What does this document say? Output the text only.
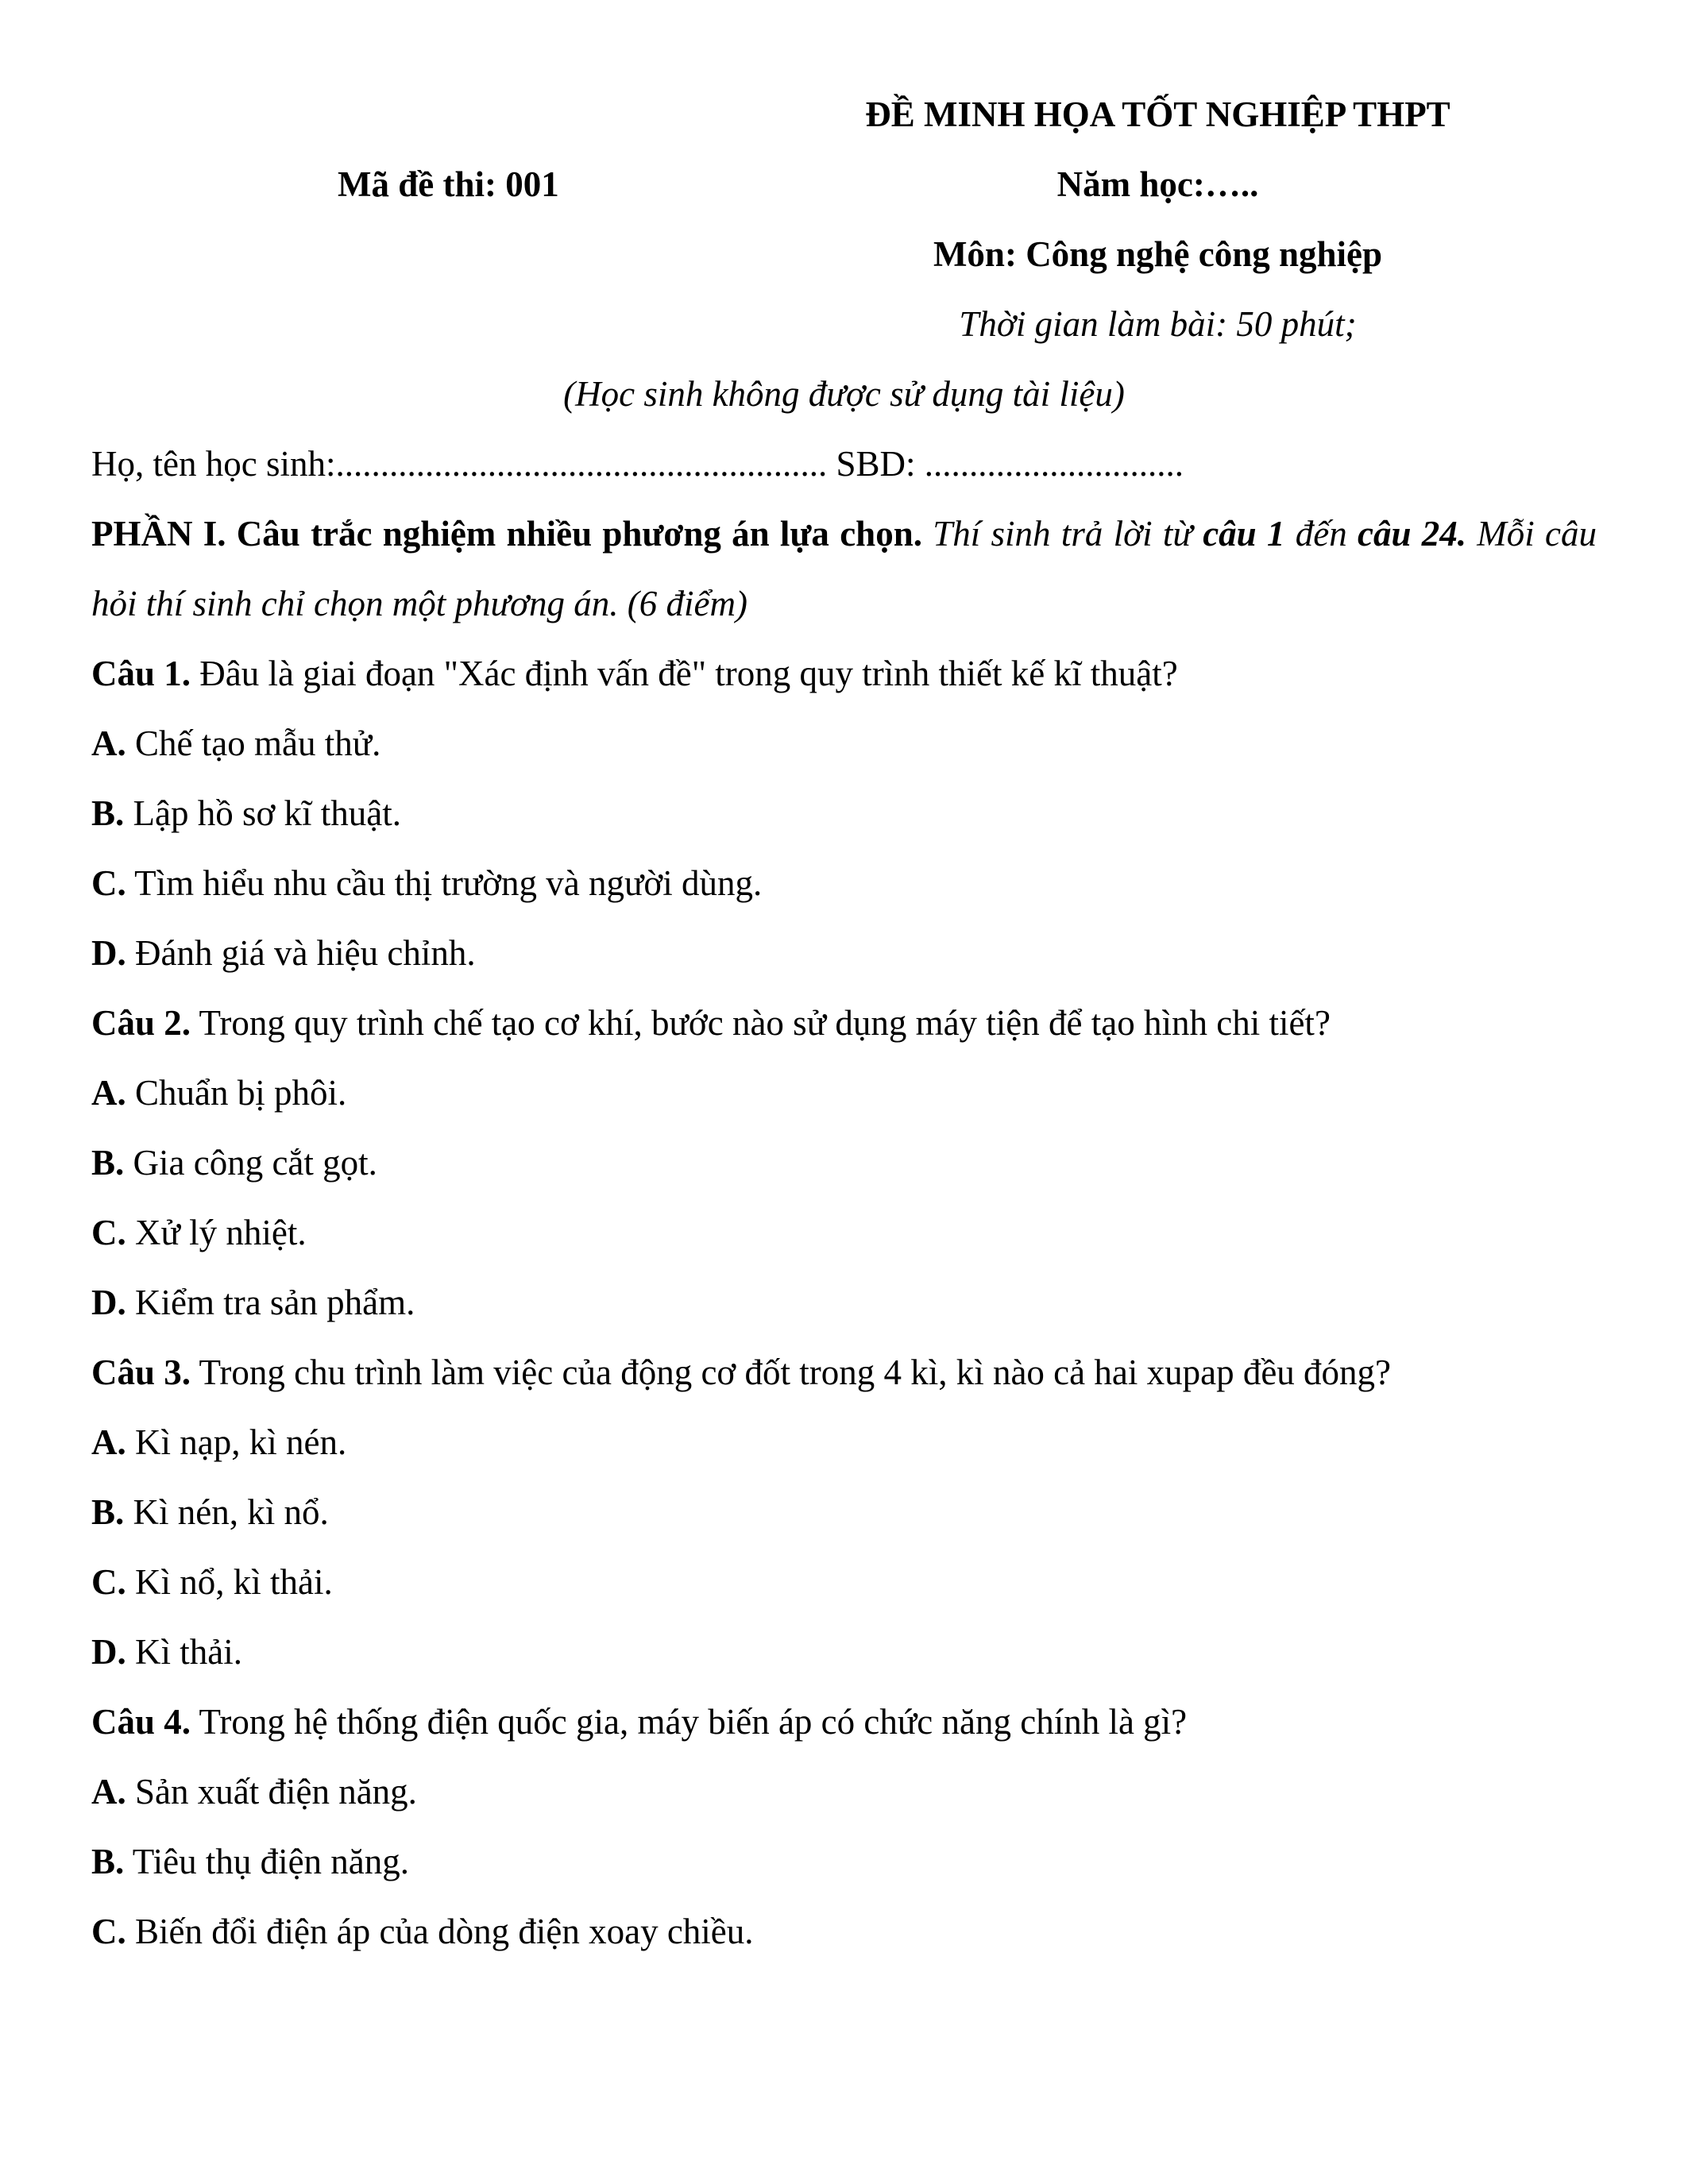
ĐỀ MINH HỌA TỐT NGHIỆP THPT
Năm học:…..
Môn: Công nghệ công nghiệp
Thời gian làm bài: 50 phút;
Mã đề thi: 001

(Học sinh không được sử dụng tài liệu)

Họ, tên học sinh:....................................................... SBD: .............................

PHẦN I. Câu trắc nghiệm nhiều phương án lựa chọn. Thí sinh trả lời từ câu 1 đến câu 24. Mỗi câu hỏi thí sinh chỉ chọn một phương án. (6 điểm)

Câu 1. Đâu là giai đoạn "Xác định vấn đề" trong quy trình thiết kế kĩ thuật?

A. Chế tạo mẫu thử.

B. Lập hồ sơ kĩ thuật.

C. Tìm hiểu nhu cầu thị trường và người dùng.

D. Đánh giá và hiệu chỉnh.

Câu 2. Trong quy trình chế tạo cơ khí, bước nào sử dụng máy tiện để tạo hình chi tiết?

A. Chuẩn bị phôi.

B. Gia công cắt gọt.

C. Xử lý nhiệt.

D. Kiểm tra sản phẩm.

Câu 3. Trong chu trình làm việc của động cơ đốt trong 4 kì, kì nào cả hai xupap đều đóng?

A. Kì nạp, kì nén.

B. Kì nén, kì nổ.

C. Kì nổ, kì thải.

D. Kì thải.

Câu 4. Trong hệ thống điện quốc gia, máy biến áp có chức năng chính là gì?

A. Sản xuất điện năng.

B. Tiêu thụ điện năng.

C. Biến đổi điện áp của dòng điện xoay chiều.
